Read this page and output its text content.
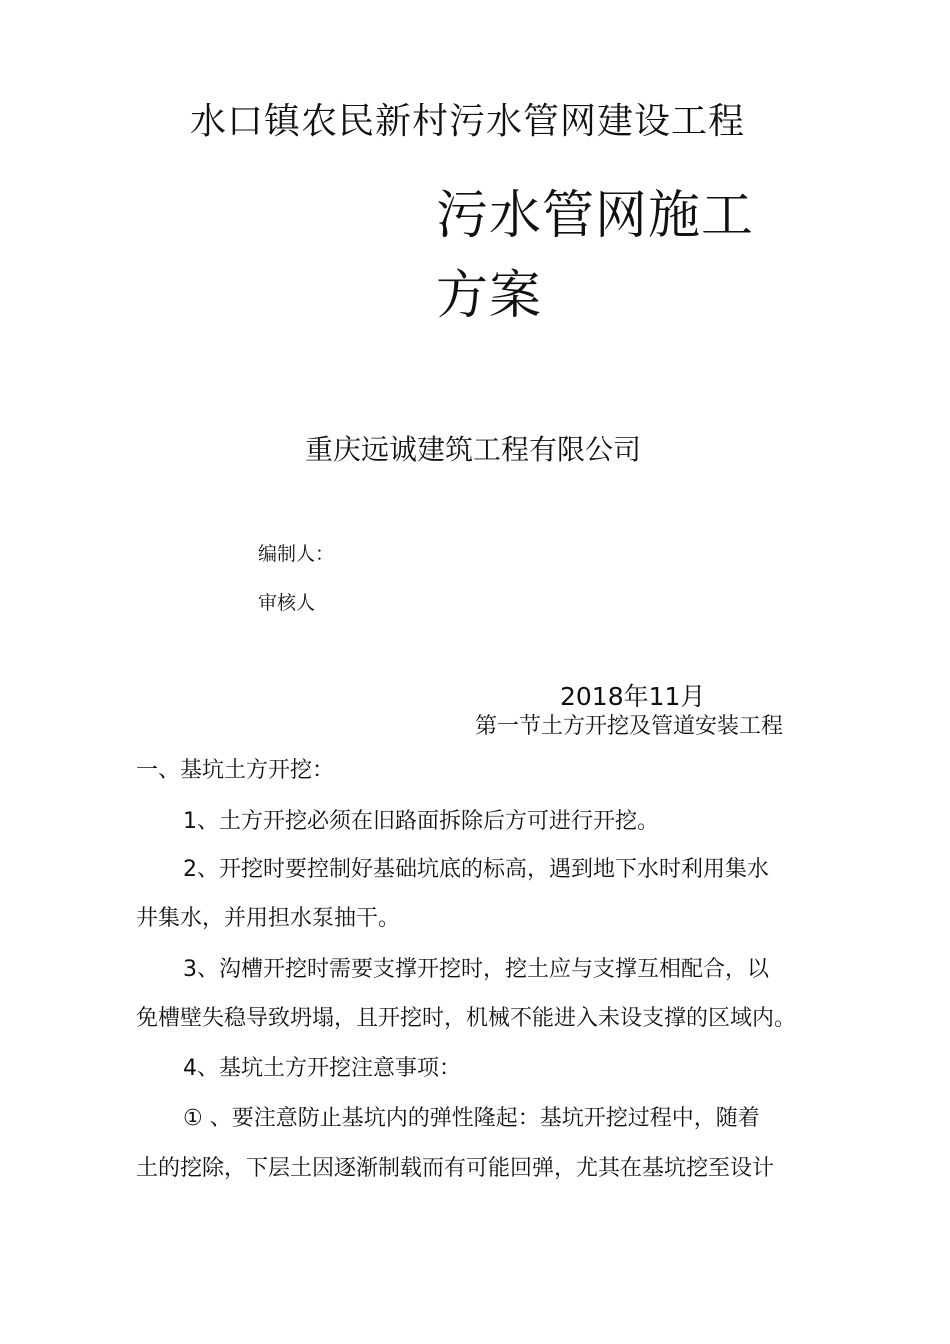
水口镇农民新村污水管网建设工程
污水管网施工
方案
重庆远诚建筑工程有限公司
编制人：
审核人
2018年11月
第一节土方开挖及管道安装工程
一、基坑土方开挖：
1、土方开挖必须在旧路面拆除后方可进行开挖。
2、开挖时要控制好基础坑底的标高，遇到地下水时利用集水
井集水，并用担水泵抽干。
3、沟槽开挖时需要支撑开挖时，挖土应与支撑互相配合，以
免槽壁失稳导致坍塌，且开挖时，机械不能进入未设支撑的区域内。
4、基坑土方开挖注意事项：
① 、要注意防止基坑内的弹性隆起：基坑开挖过程中，随着
土的挖除，下层土因逐渐制载而有可能回弹，尤其在基坑挖至设计
